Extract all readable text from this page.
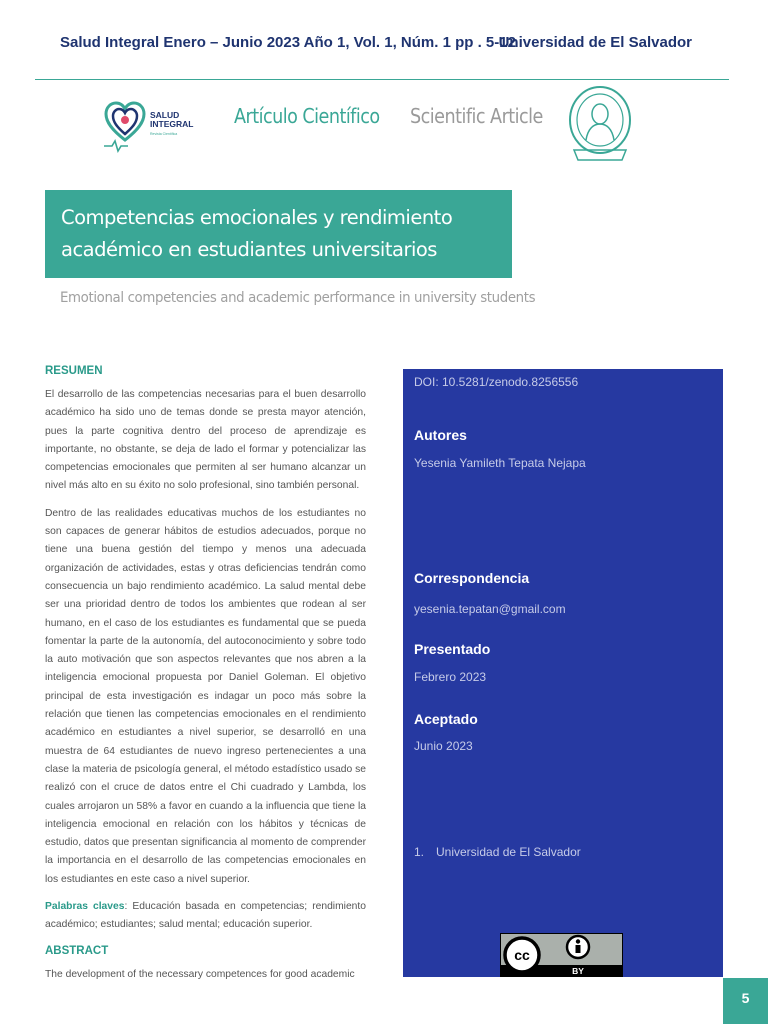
Salud Integral Enero – Junio 2023 Año 1, Vol. 1, Núm. 1 pp . 5-12
Universidad de El Salvador
SALUD
INTEGRAL
Revista Científica
Artículo Científico Scientific Article
Competencias emocionales y rendimiento académico en estudiantes universitarios
Emotional competencies and academic performance in university students
RESUMEN

El desarrollo de las competencias necesarias para el buen desarrollo académico ha sido uno de temas donde se presta mayor atención, pues la parte cognitiva dentro del proceso de aprendizaje es importante, no obstante, se deja de lado el formar y potencializar las competencias emocionales que permiten al ser humano alcanzar un nivel más alto en su éxito no solo profesional, sino también personal.

Dentro de las realidades educativas muchos de los estudiantes no son capaces de generar hábitos de estudios adecuados, porque no tiene una buena gestión del tiempo y menos una adecuada organización de actividades, estas y otras deficiencias tendrán como consecuencia un bajo rendimiento académico. La salud mental debe ser una prioridad dentro de todos los ambientes que rodean al ser humano, en el caso de los estudiantes es fundamental que se pueda fomentar la parte de la autonomía, del autoconocimiento y sobre todo la auto motivación que son aspectos relevantes que nos abren a la inteligencia emocional propuesta por Daniel Goleman. El objetivo principal de esta investigación es indagar un poco más sobre la relación que tienen las competencias emocionales en el rendimiento académico en estudiantes a nivel superior, se desarrolló en una muestra de 64 estudiantes de nuevo ingreso pertenecientes a una clase la materia de psicología general, el método estadístico usado se realizó con el cruce de datos entre el Chi cuadrado y Lambda, los cuales arrojaron un 58% a favor en cuando a la influencia que tiene la inteligencia emocional en relación con los hábitos y técnicas de estudio, datos que presentan significancia al momento de comprender la importancia en el desarrollo de las competencias emocionales en los estudiantes en este caso a nivel superior.

Palabras claves: Educación basada en competencias; rendimiento académico; estudiantes; salud mental; educación superior.

ABSTRACT

The development of the necessary competences for good academic

DOI: 10.5281/zenodo.8256556
Autores
Yesenia Yamileth Tepata Nejapa
Correspondencia
yesenia.tepatan@gmail.com
Presentado
Febrero 2023
Aceptado
Junio 2023
1. Universidad de El Salvador
cc
BY
5
